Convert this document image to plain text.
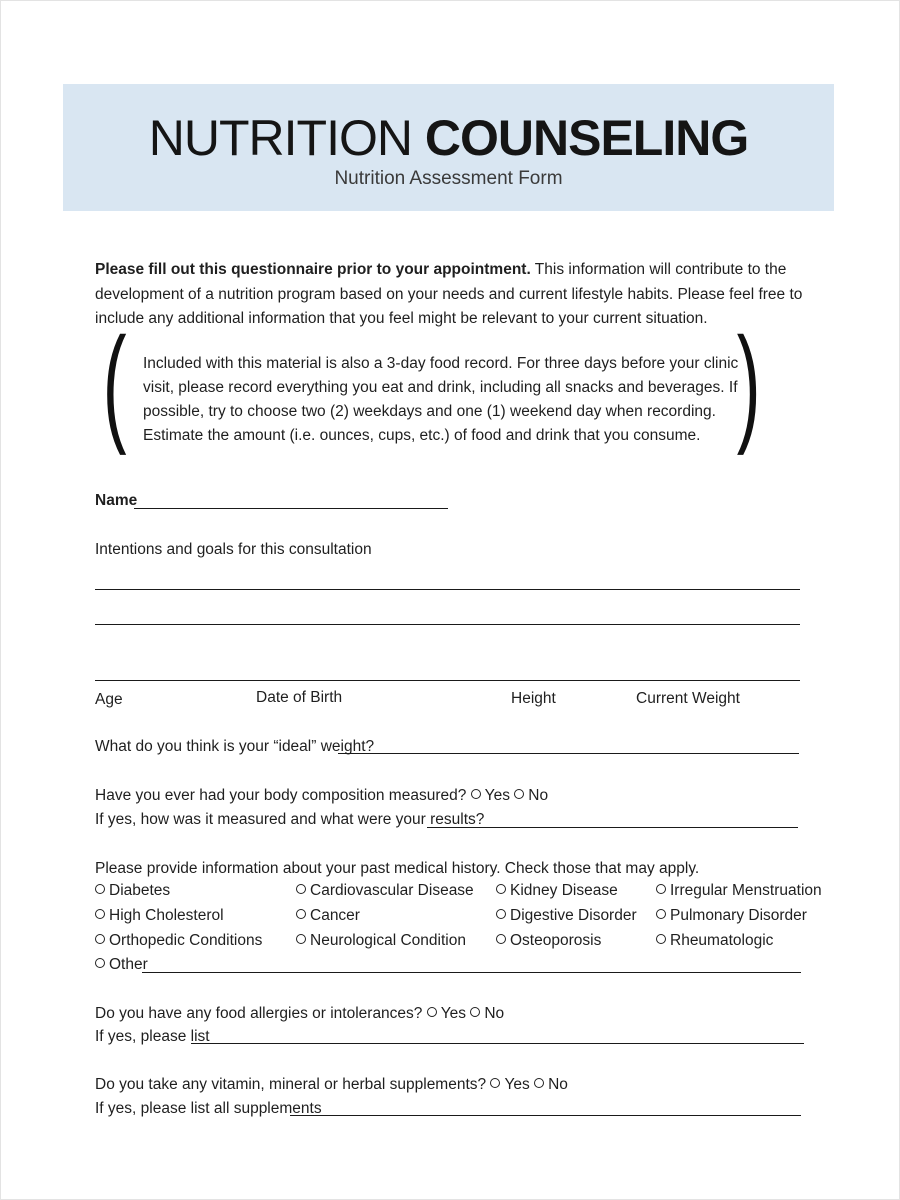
NUTRITION COUNSELING
Nutrition Assessment Form
Please fill out this questionnaire prior to your appointment. This information will contribute to the development of a nutrition program based on your needs and current lifestyle habits. Please feel free to include any additional information that you feel might be relevant to your current situation.
( Included with this material is also a 3-day food record. For three days before your clinic visit, please record everything you eat and drink, including all snacks and beverages. If possible, try to choose two (2) weekdays and one (1) weekend day when recording. Estimate the amount (i.e. ounces, cups, etc.) of food and drink that you consume. )
Name
Intentions and goals for this consultation
Age	Date of Birth	Height	Current Weight
What do you think is your “ideal” weight?
Have you ever had your body composition measured? Yes No
If yes, how was it measured and what were your results?
Please provide information about your past medical history. Check those that may apply.
Diabetes	Cardiovascular Disease	Kidney Disease	Irregular Menstruation
High Cholesterol	Cancer	Digestive Disorder	Pulmonary Disorder
Orthopedic Conditions	Neurological Condition	Osteoporosis	Rheumatologic
Other
Do you have any food allergies or intolerances? Yes No
If yes, please list
Do you take any vitamin, mineral or herbal supplements? Yes No
If yes, please list all supplements
